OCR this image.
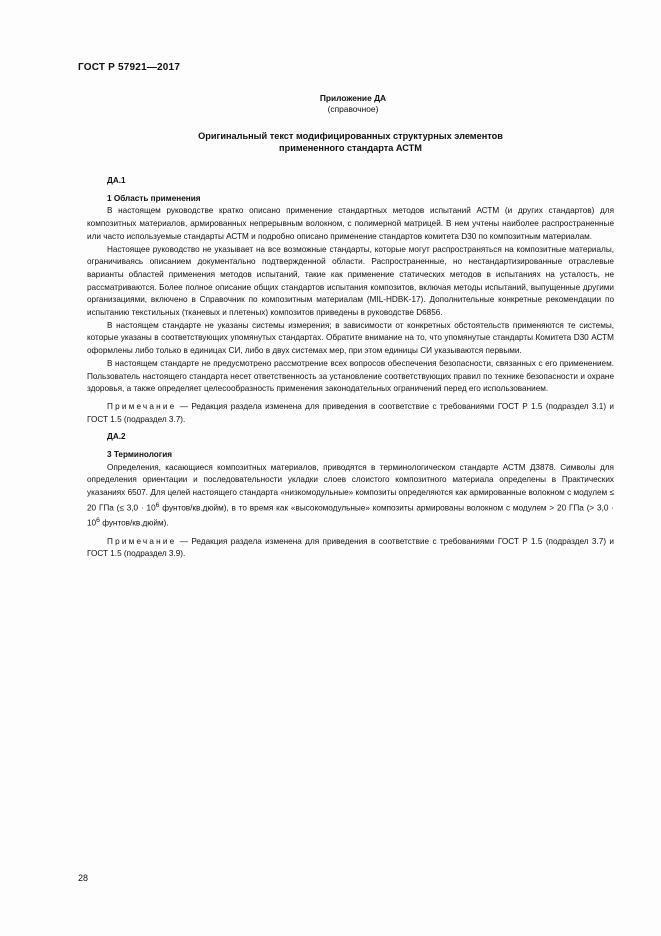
ГОСТ Р 57921—2017
Приложение ДА
(справочное)
Оригинальный текст модифицированных структурных элементов
примененного стандарта АСТМ

ДА.1

1 Область применения

В настоящем руководстве кратко описано применение стандартных методов испытаний АСТМ (и других стандартов) для композитных материалов, армированных непрерывным волокном, с полимерной матрицей. В нем учтены наиболее распространенные или часто используемые стандарты АСТМ и подробно описано применение стандартов комитета D30 по композитным материалам.

Настоящее руководство не указывает на все возможные стандарты, которые могут распространяться на композитные материалы, ограничиваясь описанием документально подтвержденной области. Распространенные, но нестандартизированные отраслевые варианты областей применения методов испытаний, такие как применение статических методов в испытаниях на усталость, не рассматриваются. Более полное описание общих стандартов испытания композитов, включая методы испытаний, выпущенные другими организациями, включено в Справочник по композитным материалам (MIL-HDBK-17). Дополнительные конкретные рекомендации по испытанию текстильных (тканевых и плетеных) композитов приведены в руководстве D6856.

В настоящем стандарте не указаны системы измерения; в зависимости от конкретных обстоятельств применяются те системы, которые указаны в соответствующих упомянутых стандартах. Обратите внимание на то, что упомянутые стандарты Комитета D30 АСТМ оформлены либо только в единицах СИ, либо в двух системах мер, при этом единицы СИ указываются первыми.

В настоящем стандарте не предусмотрено рассмотрение всех вопросов обеспечения безопасности, связанных с его применением. Пользователь настоящего стандарта несет ответственность за установление соответствующих правил по технике безопасности и охране здоровья, а также определяет целесообразность применения законодательных ограничений перед его использованием.

Примечание — Редакция раздела изменена для приведения в соответствие с требованиями ГОСТ Р 1.5 (подраздел 3.1) и ГОСТ 1.5 (подраздел 3.7).

ДА.2

3 Терминология

Определения, касающиеся композитных материалов, приводятся в терминологическом стандарте АСТМ Д3878. Символы для определения ориентации и последовательности укладки слоев слоистого композитного материала определены в Практических указаниях 6507. Для целей настоящего стандарта «низкомодульные» композиты определяются как армированные волокном с модулем ≤ 20 ГПа (≤ $3,0 \cdot 10^6$ фунтов/кв.дюйм), в то время как «высокомодульные» композиты армированы волокном с модулем > 20 ГПа (> $3,0 \cdot 10^6$ фунтов/кв.дюйм).

Примечание — Редакция раздела изменена для приведения в соответствие с требованиями ГОСТ Р 1.5 (подраздел 3.7) и ГОСТ 1.5 (подраздел 3.9).

28
